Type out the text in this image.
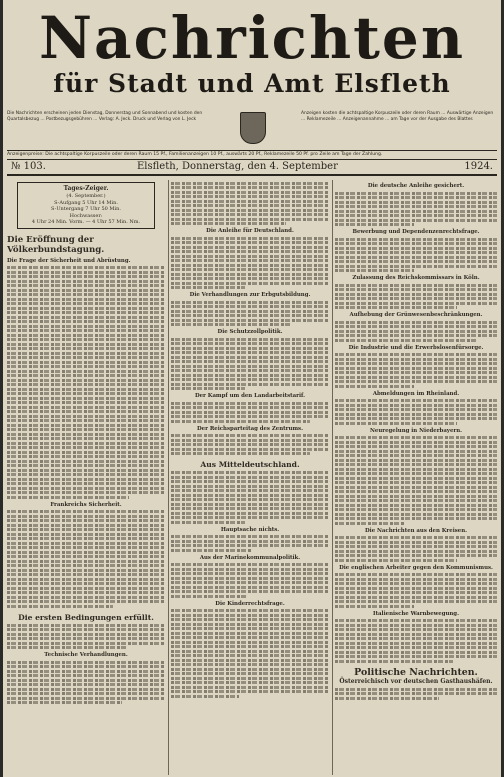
Nachrichten
für Stadt und Amt Elsfleth
Die Nachrichten erscheinen jeden Dienstag, Donnerstag und Sonnabend und kosten den Quartalsbezug ... Postbezugsgebühren ... Verlag: A. Jeck. Druck und Verlag von L. Jeck
Anzeigen kosten die achtspaltige Korpuszeile oder deren Raum ... Auswärtige Anzeigen ... Reklamezeile ... Anzeigenannahme ... am Tage vor der Ausgabe des Blattes
Anzeigenpreise: Die achtspaltige Korpuszeile oder deren Raum 15 Pf., Familienanzeigen 10 Pf., auswärts 20 Pf., Reklamezeile 50 Pf. pro Zeile am Tage der Zahlung.
№ 103.	Elsfleth, Donnerstag, den 4. September	1924.
Tages-Zeiger.
(4. September.)
S-Aufgang 5 Uhr 14 Min.
S-Untergang 7 Uhr 50 Min.
Hochwasser:
4 Uhr 24 Min. Vorm. — 4 Uhr 57 Min. Nm.
Die Eröffnung der Völkerbundstagung.
Die Frage der Sicherheit und Abrüstung.
Frankreichs Sicherheit.
Die ersten Bedingungen erfüllt.
Technische Verhandlungen.
Die Anleihe für Deutschland.
Die Verhandlungen zur Erbgutsbildung.
Die Schutzzollpolitik.
Der Kampf um den Landarbeitstarif.
Der Reichsparteitag des Zentrums.
Aus Mitteldeutschland.
Hauptsache nichts.
Aus der Marinekommunalpolitik.
Die Kinderrechtsfrage.
Die deutsche Anleihe gesichert.
Bewerbung und Dependenzenrechtsfrage.
Zulassung des Reichskommissars in Köln.
Aufhebung der Grünwesenbeschränkungen.
Die Industrie und die Erwerbslosenfürsorge.
Abmeldungen im Rheinland.
Neuregelung in Niederbayern.
Die Nachrichten aus den Kreisen.
Die englischen Arbeiter gegen den Kommunismus.
Italienische Warnbewegung.
Politische Nachrichten.
Österreichisch vor deutschen Gasthaushäfen.
